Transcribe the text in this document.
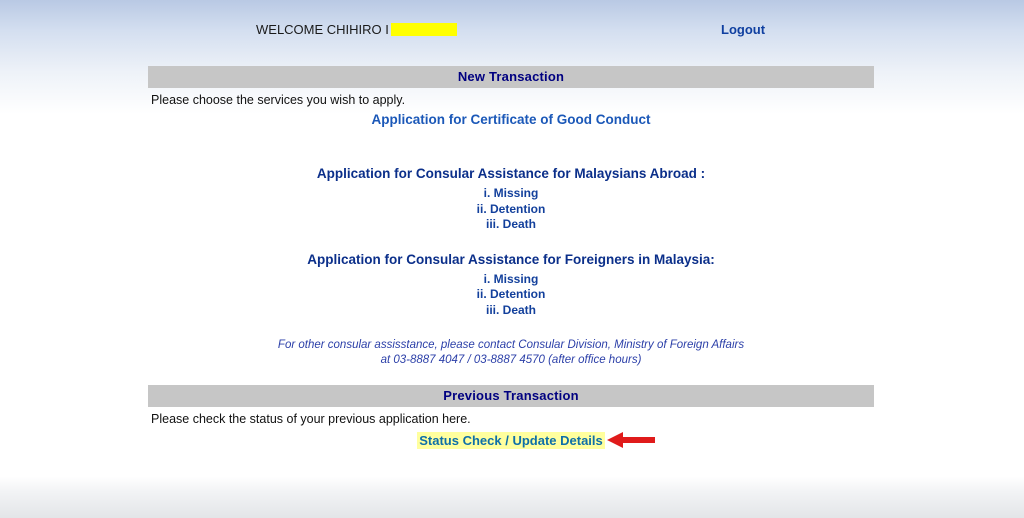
WELCOME CHIHIRO I	Logout
New Transaction
Please choose the services you wish to apply.
Application for Certificate of Good Conduct
Application for Consular Assistance for Malaysians Abroad :
i. Missing
ii. Detention
iii. Death
Application for Consular Assistance for Foreigners in Malaysia:
i. Missing
ii. Detention
iii. Death
For other consular assisstance, please contact Consular Division, Ministry of Foreign Affairs
at 03-8887 4047 / 03-8887 4570 (after office hours)
Previous Transaction
Please check the status of your previous application here.
Status Check / Update Details
